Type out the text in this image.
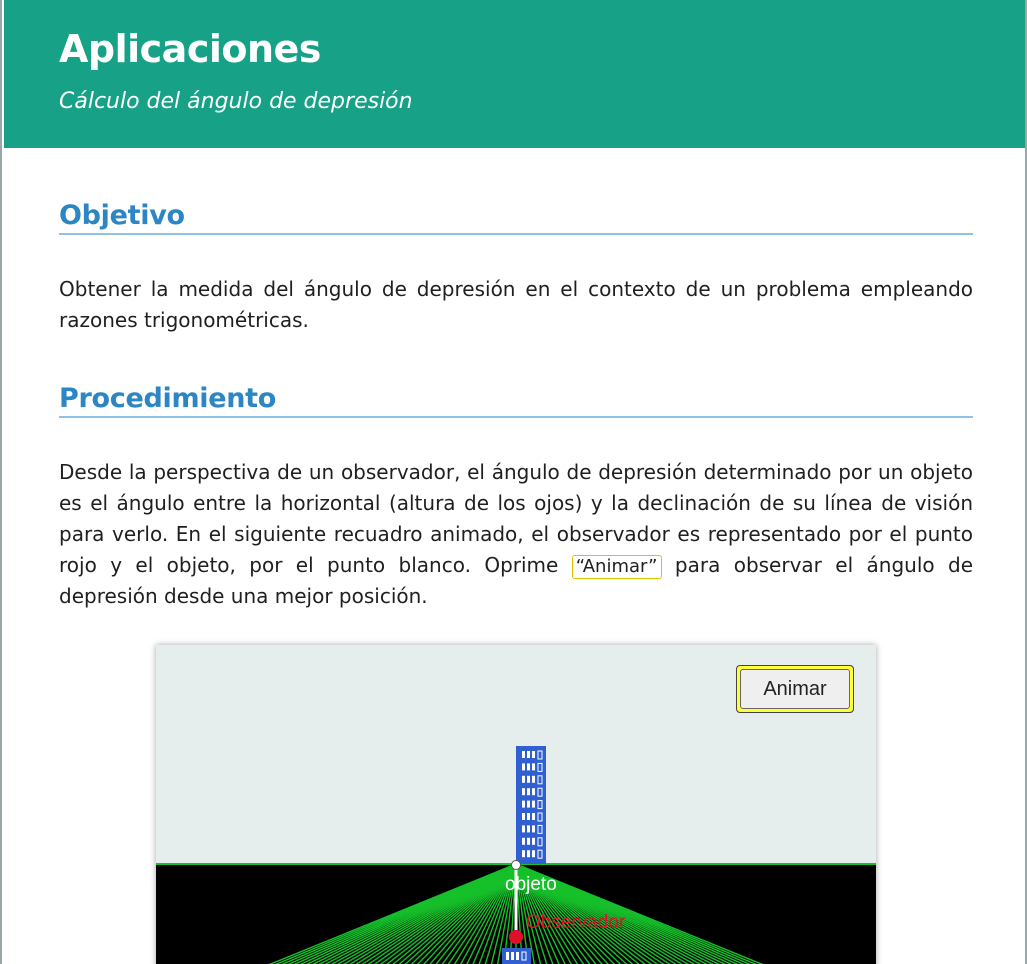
Aplicaciones
Cálculo del ángulo de depresión
Objetivo

Obtener la medida del ángulo de depresión en el contexto de un problema empleando razones trigonométricas.

Procedimiento

Desde la perspectiva de un observador, el ángulo de depresión determinado por un objeto es el ángulo entre la horizontal (altura de los ojos) y la declinación de su línea de visión para verlo. En el siguiente recuadro animado, el observador es representado por el punto rojo y el objeto, por el punto blanco. Oprime “Animar” para observar el ángulo de depresión desde una mejor posición.

objeto
Observador
Animar
